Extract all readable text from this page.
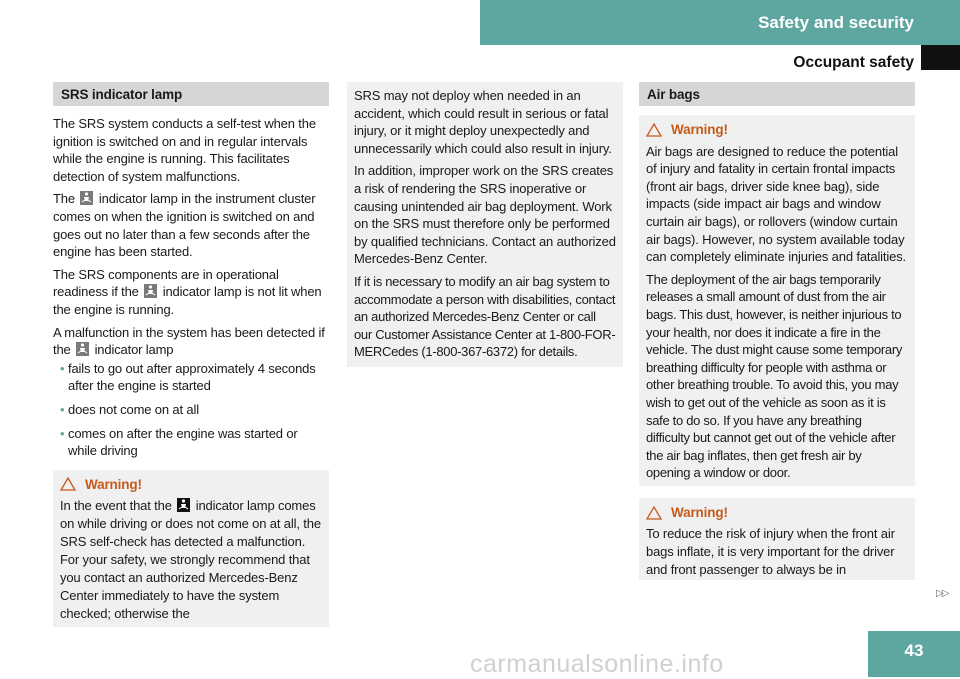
Safety and security
Occupant safety
SRS indicator lamp

The SRS system conducts a self-test when the ignition is switched on and in regular intervals while the engine is running. This facilitates detection of system malfunctions.

The indicator lamp in the instrument cluster comes on when the ignition is switched on and goes out no later than a few seconds after the engine has been started.

The SRS components are in operational readiness if the indicator lamp is not lit when the engine is running.

A malfunction in the system has been detected if the indicator lamp

• fails to go out after approximately 4 seconds after the engine is started
• does not come on at all
• comes on after the engine was started or while driving
Warning!
In the event that the indicator lamp comes on while driving or does not come on at all, the SRS self-check has detected a malfunction. For your safety, we strongly recommend that you contact an authorized Mercedes-Benz Center immediately to have the system checked; otherwise the

SRS may not deploy when needed in an accident, which could result in serious or fatal injury, or it might deploy unexpectedly and unnecessarily which could also result in injury.

In addition, improper work on the SRS creates a risk of rendering the SRS inoperative or causing unintended air bag deployment. Work on the SRS must therefore only be performed by qualified technicians. Contact an authorized Mercedes-Benz Center.

If it is necessary to modify an air bag system to accommodate a person with disabilities, contact an authorized Mercedes-Benz Center or call our Customer Assistance Center at 1-800-FOR-MERCedes (1-800-367-6372) for details.

Air bags
Warning!

Air bags are designed to reduce the potential of injury and fatality in certain frontal impacts (front air bags, driver side knee bag), side impacts (side impact air bags and window curtain air bags), or rollovers (window curtain air bags). However, no system available today can completely eliminate injuries and fatalities.

The deployment of the air bags temporarily releases a small amount of dust from the air bags. This dust, however, is neither injurious to your health, nor does it indicate a fire in the vehicle. The dust might cause some temporary breathing difficulty for people with asthma or other breathing trouble. To avoid this, you may wish to get out of the vehicle as soon as it is safe to do so. If you have any breathing difficulty but cannot get out of the vehicle after the air bag inflates, then get fresh air by opening a window or door.

Warning!

To reduce the risk of injury when the front air bags inflate, it is very important for the driver and front passenger to always be in

▷▷
43
carmanualsonline.info
